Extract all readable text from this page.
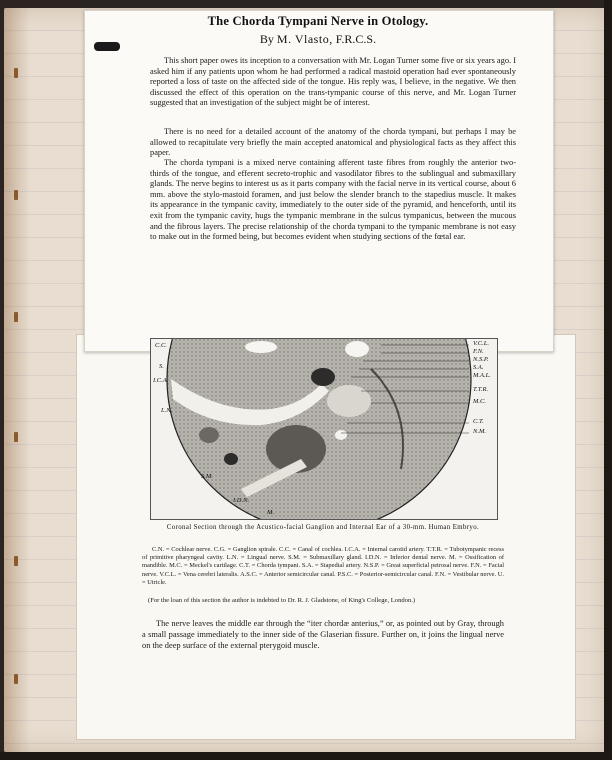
The Chorda Tympani Nerve in Otology.
By M. Vlasto, F.R.C.S.

This short paper owes its inception to a conversation with Mr. Logan Turner some five or six years ago. I asked him if any patients upon whom he had performed a radical mastoid operation had ever spontaneously reported a loss of taste on the affected side of the tongue. His reply was, I believe, in the negative. We then discussed the effect of this operation on the trans-tympanic course of this nerve, and Mr. Logan Turner suggested that an investigation of the subject might be of interest.

There is no need for a detailed account of the anatomy of the chorda tympani, but perhaps I may be allowed to recapitulate very briefly the main accepted anatomical and physiological facts as they affect this paper.

The chorda tympani is a mixed nerve containing afferent taste fibres from roughly the anterior two-thirds of the tongue, and efferent secreto-trophic and vasodilator fibres to the sublingual and submaxillary glands. The nerve begins to interest us as it parts company with the facial nerve in its vertical course, about 6 mm. above the stylo-mastoid foramen, and just below the slender branch to the stapedius muscle. It makes its appearance in the tympanic cavity, immediately to the outer side of the pyramid, and henceforth, until its exit from the tympanic cavity, hugs the tympanic membrane in the sulcus tympanicus, between the mucous and the fibrous layers. The precise relationship of the chorda tympani to the tympanic membrane is not easy to make out in the formed being, but becomes evident when studying sections of the fœtal ear.

C.C.
S.
I.C.A.
L.N.
S.M.
I.D.N.
M.
V.C.L.
F.N.
N.S.P.
S.A.
M.A.L.
T.T.R.
M.C.
C.T.
N.M.
Coronal Section through the Acustico-facial Ganglion and Internal Ear of a 30-mm. Human Embryo.

C.N. = Cochlear nerve. C.G. = Ganglion spirale. C.C. = Canal of cochlea. I.C.A. = Internal carotid artery. T.T.R. = Tubotympanic recess of primitive pharyngeal cavity. L.N. = Lingual nerve. S.M. = Submaxillary gland. I.D.N. = Inferior dental nerve. M. = Ossification of mandible. M.C. = Meckel's cartilage. C.T. = Chorda tympani. S.A. = Stapedial artery. N.S.P. = Great superficial petrosal nerve. F.N. = Facial nerve. V.C.L. = Vena cerebri lateralis. A.S.C. = Anterior semicircular canal. P.S.C. = Posterior-semicircular canal. F.N. = Vestibular nerve. U. = Utricle.

(For the loan of this section the author is indebted to Dr. R. J. Gladstone, of King's College, London.)

The nerve leaves the middle ear through the “iter chordæ anterius,” or, as pointed out by Gray, through a small passage immediately to the inner side of the Glaserian fissure. Further on, it joins the lingual nerve on the deep surface of the external pterygoid muscle.
